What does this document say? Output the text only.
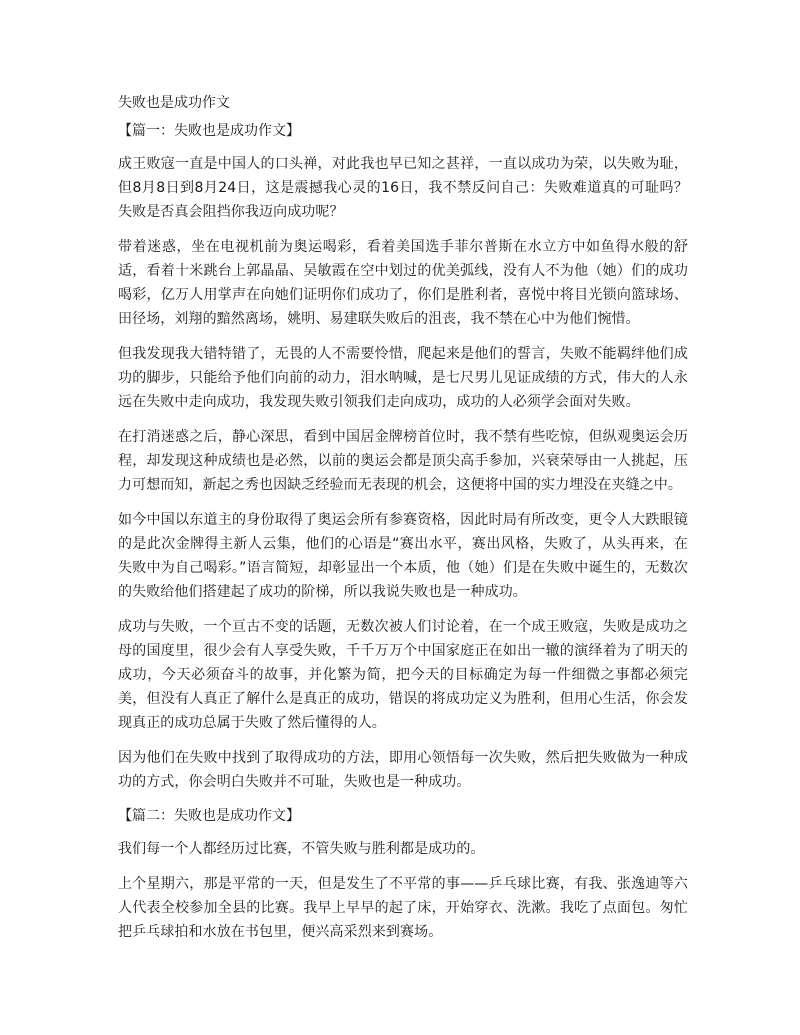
失败也是成功作文
【篇一：失败也是成功作文】

成王败寇一直是中国人的口头禅，对此我也早已知之甚祥，一直以成功为荣，以失败为耻，但8月8日到8月24日，这是震撼我心灵的16日，我不禁反问自己：失败难道真的可耻吗？失败是否真会阻挡你我迈向成功呢？

带着迷惑，坐在电视机前为奥运喝彩，看着美国选手菲尔普斯在水立方中如鱼得水般的舒适，看着十米跳台上郭晶晶、吴敏霞在空中划过的优美弧线，没有人不为他（她）们的成功喝彩，亿万人用掌声在向她们证明你们成功了，你们是胜利者，喜悦中将目光锁向篮球场、田径场，刘翔的黯然离场，姚明、易建联失败后的沮丧，我不禁在心中为他们惋惜。

但我发现我大错特错了，无畏的人不需要怜惜，爬起来是他们的誓言，失败不能羁绊他们成功的脚步，只能给予他们向前的动力，泪水呐喊，是七尺男儿见证成绩的方式，伟大的人永远在失败中走向成功，我发现失败引领我们走向成功，成功的人必须学会面对失败。

在打消迷惑之后，静心深思，看到中国居金牌榜首位时，我不禁有些吃惊，但纵观奥运会历程，却发现这种成绩也是必然，以前的奥运会都是顶尖高手参加，兴衰荣辱由一人挑起，压力可想而知，新起之秀也因缺乏经验而无表现的机会，这便将中国的实力埋没在夹缝之中。

如今中国以东道主的身份取得了奥运会所有参赛资格，因此时局有所改变，更令人大跌眼镜的是此次金牌得主新人云集，他们的心语是“赛出水平，赛出风格，失败了，从头再来，在失败中为自己喝彩。”语言简短，却彰显出一个本质，他（她）们是在失败中诞生的，无数次的失败给他们搭建起了成功的阶梯，所以我说失败也是一种成功。

成功与失败，一个亘古不变的话题，无数次被人们讨论着，在一个成王败寇，失败是成功之母的国度里，很少会有人享受失败，千千万万个中国家庭正在如出一辙的演绎着为了明天的成功，今天必须奋斗的故事，并化繁为简，把今天的目标确定为每一件细微之事都必须完美，但没有人真正了解什么是真正的成功，错误的将成功定义为胜利，但用心生活，你会发现真正的成功总属于失败了然后懂得的人。

因为他们在失败中找到了取得成功的方法，即用心领悟每一次失败，然后把失败做为一种成功的方式，你会明白失败并不可耻，失败也是一种成功。

【篇二：失败也是成功作文】

我们每一个人都经历过比赛，不管失败与胜利都是成功的。

上个星期六，那是平常的一天，但是发生了不平常的事——乒乓球比赛，有我、张逸迪等六人代表全校参加全县的比赛。我早上早早的起了床，开始穿衣、洗漱。我吃了点面包。匆忙把乒乓球拍和水放在书包里，便兴高采烈来到赛场。
